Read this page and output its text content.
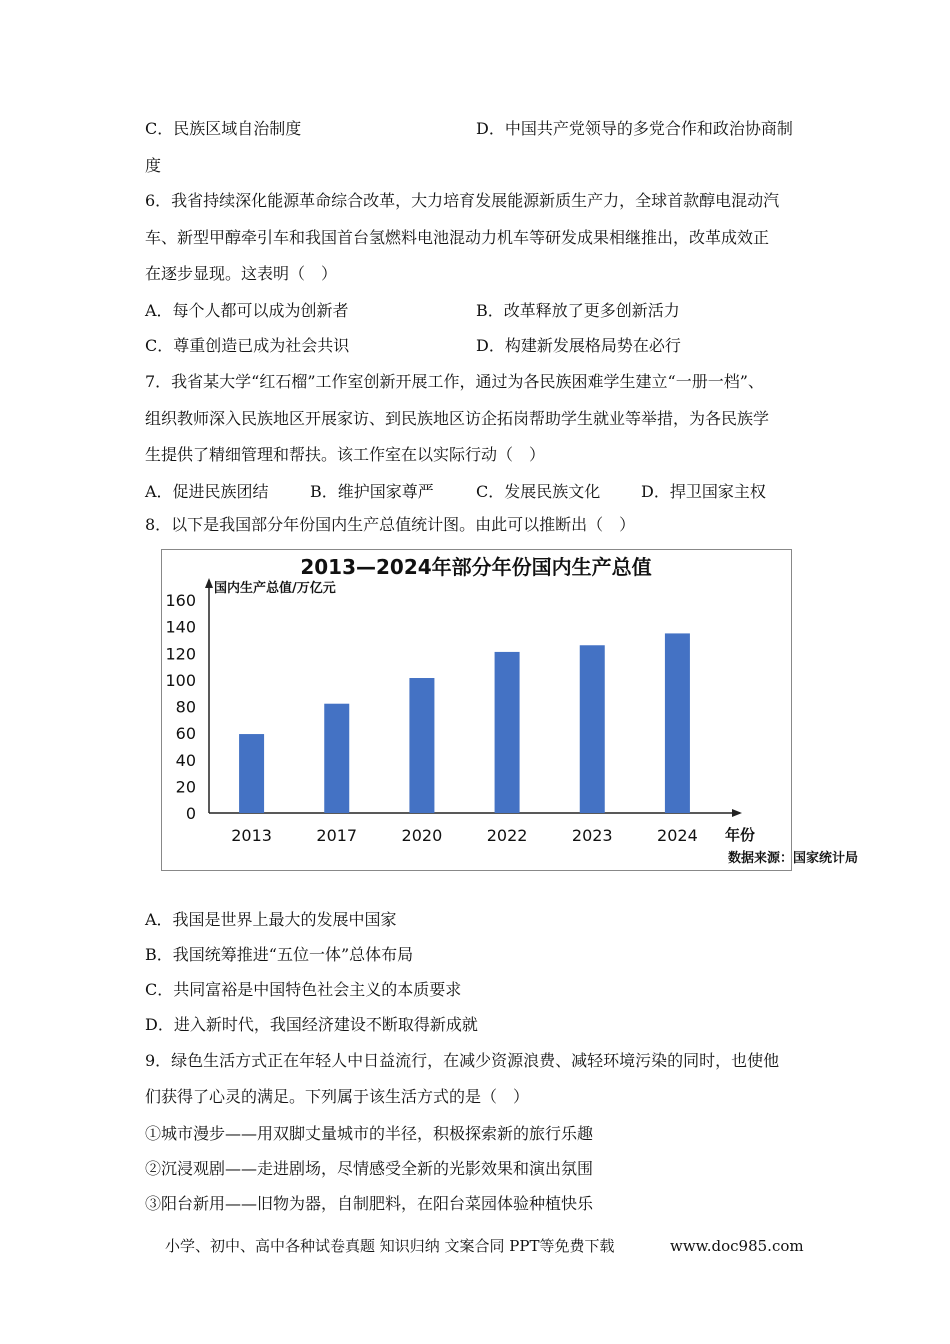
C．民族区域自治制度	D．中国共产党领导的多党合作和政治协商制
度
6．我省持续深化能源革命综合改革，大力培育发展能源新质生产力，全球首款醇电混动汽
车、新型甲醇牵引车和我国首台氢燃料电池混动力机车等研发成果相继推出，改革成效正
在逐步显现。这表明（　）
A．每个人都可以成为创新者	B．改革释放了更多创新活力
C．尊重创造已成为社会共识	D．构建新发展格局势在必行
7．我省某大学“红石榴”工作室创新开展工作，通过为各民族困难学生建立“一册一档”、
组织教师深入民族地区开展家访、到民族地区访企拓岗帮助学生就业等举措，为各民族学
生提供了精细管理和帮扶。该工作室在以实际行动（　）
A．促进民族团结	B．维护国家尊严	C．发展民族文化	D．捍卫国家主权
8．以下是我国部分年份国内生产总值统计图。由此可以推断出（　）
2013—2024年部分年份国内生产总值
国内生产总值/万亿元
年份
数据来源：国家统计局
0
20
40
60
80
100
120
140
160
2013	2017	2020	2022	2023	2024
A．我国是世界上最大的发展中国家
B．我国统筹推进“五位一体”总体布局
C．共同富裕是中国特色社会主义的本质要求
D．进入新时代，我国经济建设不断取得新成就
9．绿色生活方式正在年轻人中日益流行，在减少资源浪费、减轻环境污染的同时，也使他
们获得了心灵的满足。下列属于该生活方式的是（　）
①城市漫步——用双脚丈量城市的半径，积极探索新的旅行乐趣
②沉浸观剧——走进剧场，尽情感受全新的光影效果和演出氛围
③阳台新用——旧物为器，自制肥料，在阳台菜园体验种植快乐
小学、初中、高中各种试卷真题 知识归纳 文案合同 PPT等免费下载	www.doc985.com
